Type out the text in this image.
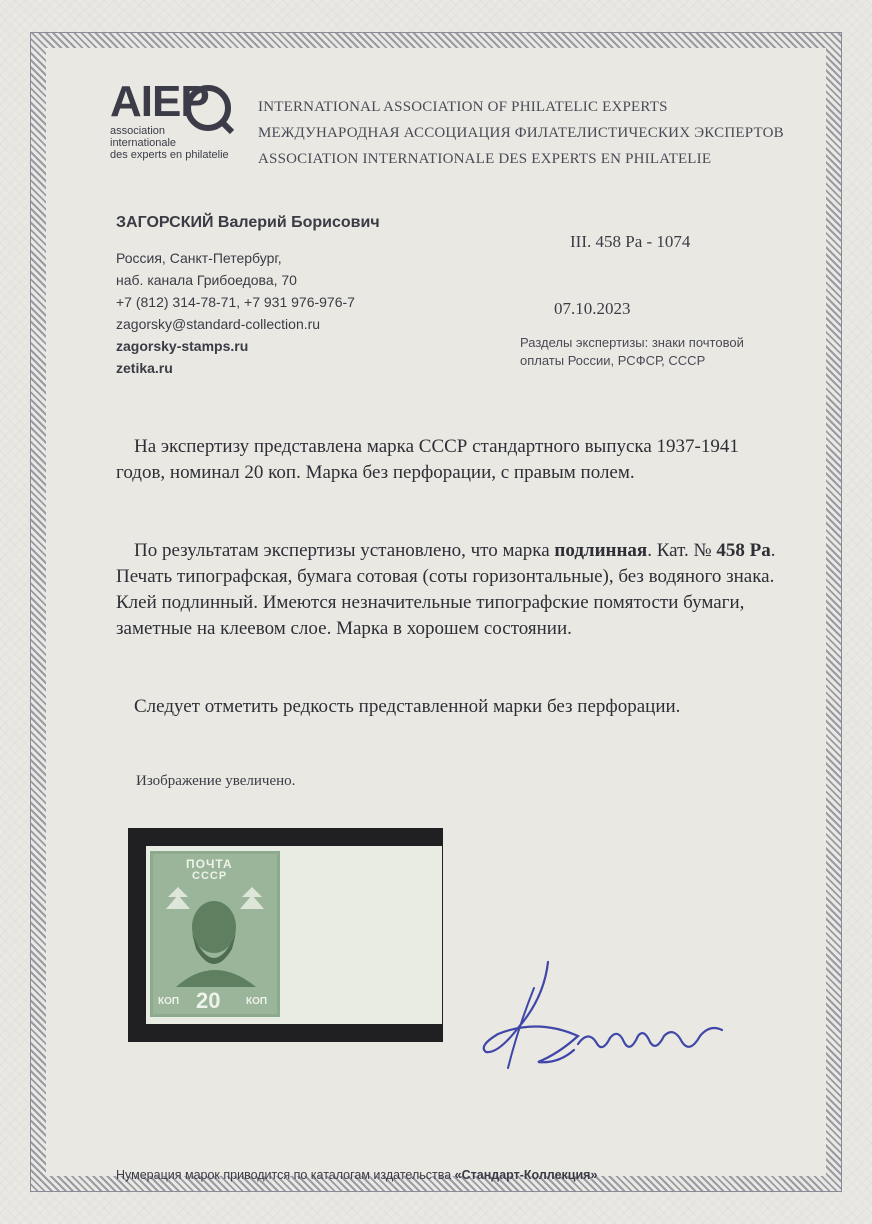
AIEP
association
internationale
des experts en philatelie
INTERNATIONAL ASSOCIATION OF PHILATELIC EXPERTS
МЕЖДУНАРОДНАЯ АССОЦИАЦИЯ ФИЛАТЕЛИСТИЧЕСКИХ ЭКСПЕРТОВ
ASSOCIATION INTERNATIONALE DES EXPERTS EN PHILATELIE
ЗАГОРСКИЙ Валерий Борисович
Россия, Санкт-Петербург,
наб. канала Грибоедова, 70
+7 (812) 314-78-71, +7 931 976-976-7
zagorsky@standard-collection.ru
zagorsky-stamps.ru
zetika.ru
III. 458 Ра - 1074
07.10.2023
Разделы экспертизы: знаки почтовой
оплаты России, РСФСР, СССР
На экспертизу представлена марка СССР стандартного выпуска 1937-1941 годов, номинал 20 коп. Марка без перфорации, с правым полем.
По результатам экспертизы установлено, что марка подлинная. Кат. № 458 Ра. Печать типографская, бумага сотовая (соты горизонтальные), без водяного знака. Клей подлинный. Имеются незначительные типографские помятости бумаги, заметные на клеевом слое. Марка в хорошем состоянии.
Следует отметить редкость представленной марки без перфорации.
Изображение увеличено.
ПОЧТА
СССР
КОП 20	КОП
Нумерация марок приводится по каталогам издательства «Стандарт-Коллекция»
